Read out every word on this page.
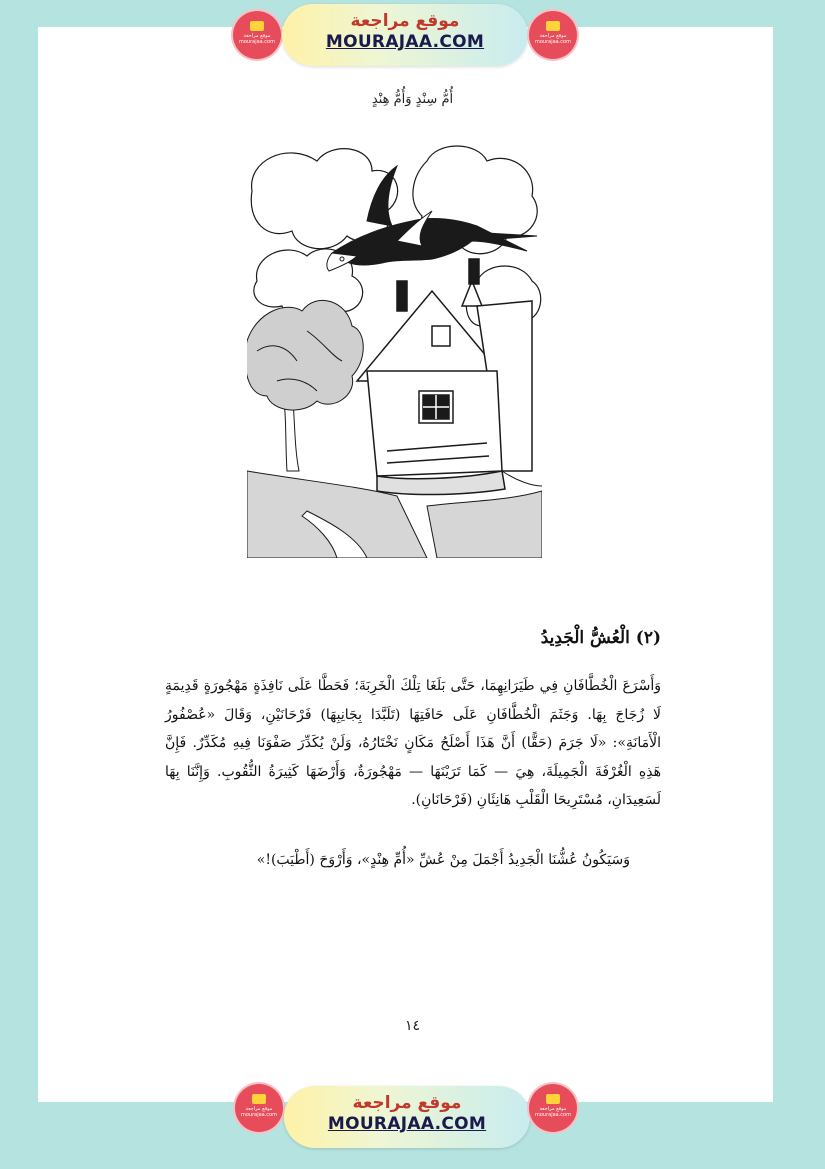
موقع مراجعة
mourajaa.com
موقع مراجعة
MOURAJAA.COM	موقع مراجعة
mourajaa.com
أُمُّ سِنْدٍ وَأُمُّ هِنْدٍ
(٢) الْعُشُّ الْجَدِيدُ
وَأَسْرَعَ الْخُطَّافَانِ فِي طَيَرَانِهِمَا، حَتَّى بَلَغَا تِلْكَ الْخَرِبَةَ؛ فَحَطَّا عَلَى نَافِذَةٍ مَهْجُورَةٍ قَدِيمَةٍ
لَا زُجَاجَ بِهَا. وَجَثَمَ الْخُطَّافَانِ عَلَى حَافَتِهَا (تَلَبَّدَا بِجَانِبِهَا) فَرْحَانَيْنِ، وَقَالَ «عُصْفُورُ
الْأَمَانَةِ»: «لَا جَرَمَ (حَقًّا) أَنَّ هَذَا أَصْلَحُ مَكَانٍ نَخْتَارُهُ، وَلَنْ يُكَدِّرَ صَفْوَنَا فِيهِ مُكَدِّرٌ. فَإِنَّ
هَذِهِ الْغُرْفَةَ الْجَمِيلَةَ، هِيَ — كَمَا تَرَيْنَهَا — مَهْجُورَةٌ، وَأَرْضَهَا كَثِيرَةُ الثُّقُوبِ. وَإِنَّنَا بِهَا
لَسَعِيدَانِ، مُسْتَرِيحَا الْقَلْبِ هَانِئَانِ (فَرْحَانَانِ).
وَسَيَكُونُ عُشُّنَا الْجَدِيدُ أَجْمَلَ مِنْ عُشِّ «أُمِّ هِنْدٍ»، وَأَرْوَحَ (أَطْيَبَ)!»
١٤
موقع مراجعة
mourajaa.com
موقع مراجعة
MOURAJAA.COM
موقع مراجعة
mourajaa.com
